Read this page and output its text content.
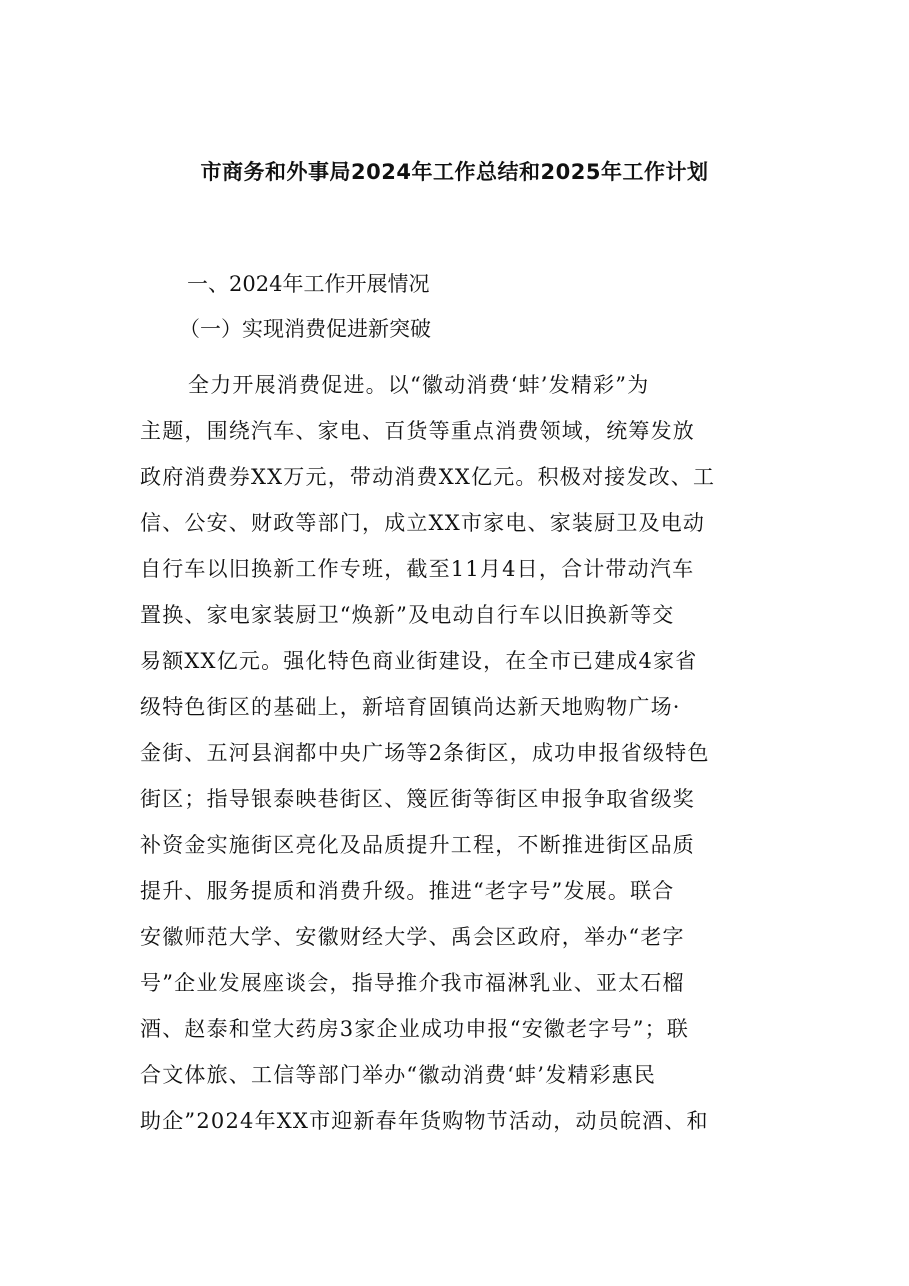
市商务和外事局2024年工作总结和2025年工作计划
一、2024年工作开展情况
（一）实现消费促进新突破
全力开展消费促进。以“徽动消费‘蚌’发精彩”为
主题，围绕汽车、家电、百货等重点消费领域，统筹发放
政府消费券XX万元，带动消费XX亿元。积极对接发改、工
信、公安、财政等部门，成立XX市家电、家装厨卫及电动
自行车以旧换新工作专班，截至11月4日，合计带动汽车
置换、家电家装厨卫“焕新”及电动自行车以旧换新等交
易额XX亿元。强化特色商业街建设，在全市已建成4家省
级特色街区的基础上，新培育固镇尚达新天地购物广场·
金街、五河县润都中央广场等2条街区，成功申报省级特色
街区；指导银泰映巷街区、篾匠街等街区申报争取省级奖
补资金实施街区亮化及品质提升工程，不断推进街区品质
提升、服务提质和消费升级。推进“老字号”发展。联合
安徽师范大学、安徽财经大学、禹会区政府，举办“老字
号”企业发展座谈会，指导推介我市福淋乳业、亚太石榴
酒、赵泰和堂大药房3家企业成功申报“安徽老字号”；联
合文体旅、工信等部门举办“徽动消费‘蚌’发精彩惠民
助企”2024年XX市迎新春年货购物节活动，动员皖酒、和
